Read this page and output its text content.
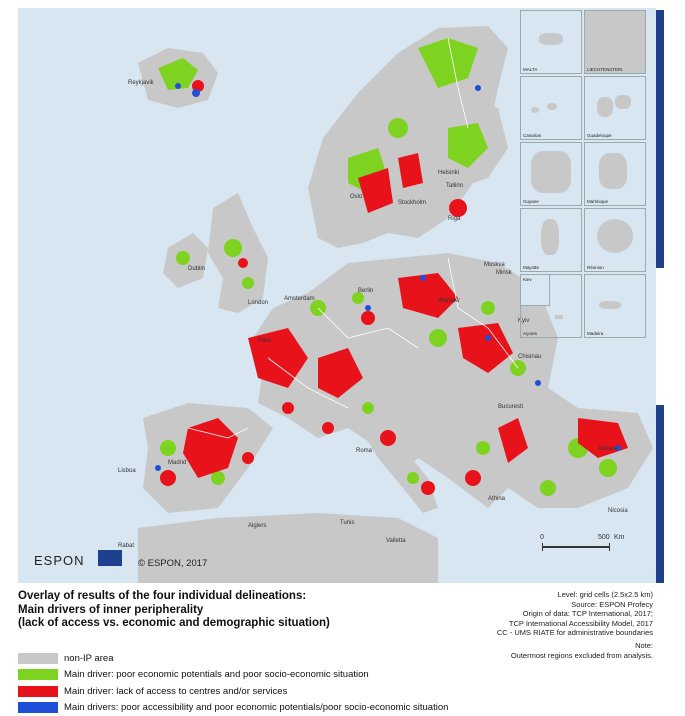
Reykjavik
Helsinki
Oslo
Stockholm
Dublin
London
Amsterdam
Berlin
Warsaw
Minsk
Moskva
Kyiv
Paris
Chisinau
Bucuresti
Lisboa
Madrid
Roma
Athina
Ankara
Nicosia
Algiers	Tunis
Valletta
Rabat
Tallinn
Riga
MALTA	LIECHTENSTEIN
Canarias	Guadeloupe
Guyane	Martinique
Mayotte	Réunion
Kiev
Açores	Madeira
0	500 Km
ESPON	© ESPON, 2017
Overlay of results of the four individual delineations:
Main drivers of inner peripherality
(lack of access vs. economic and demographic situation)
Level: grid cells (2.5x2.5 km)
Source: ESPON Profecy
Origin of data: TCP International, 2017;
TCP International Accessibility Model, 2017
CC - UMS RIATE for administrative boundaries
Note:
Outermost regions excluded from analysis.
non-IP area
Main driver: poor economic potentials and poor socio-economic situation
Main driver: lack of access to centres and/or services
Main drivers: poor accessibility and poor economic potentials/poor socio-economic situation
